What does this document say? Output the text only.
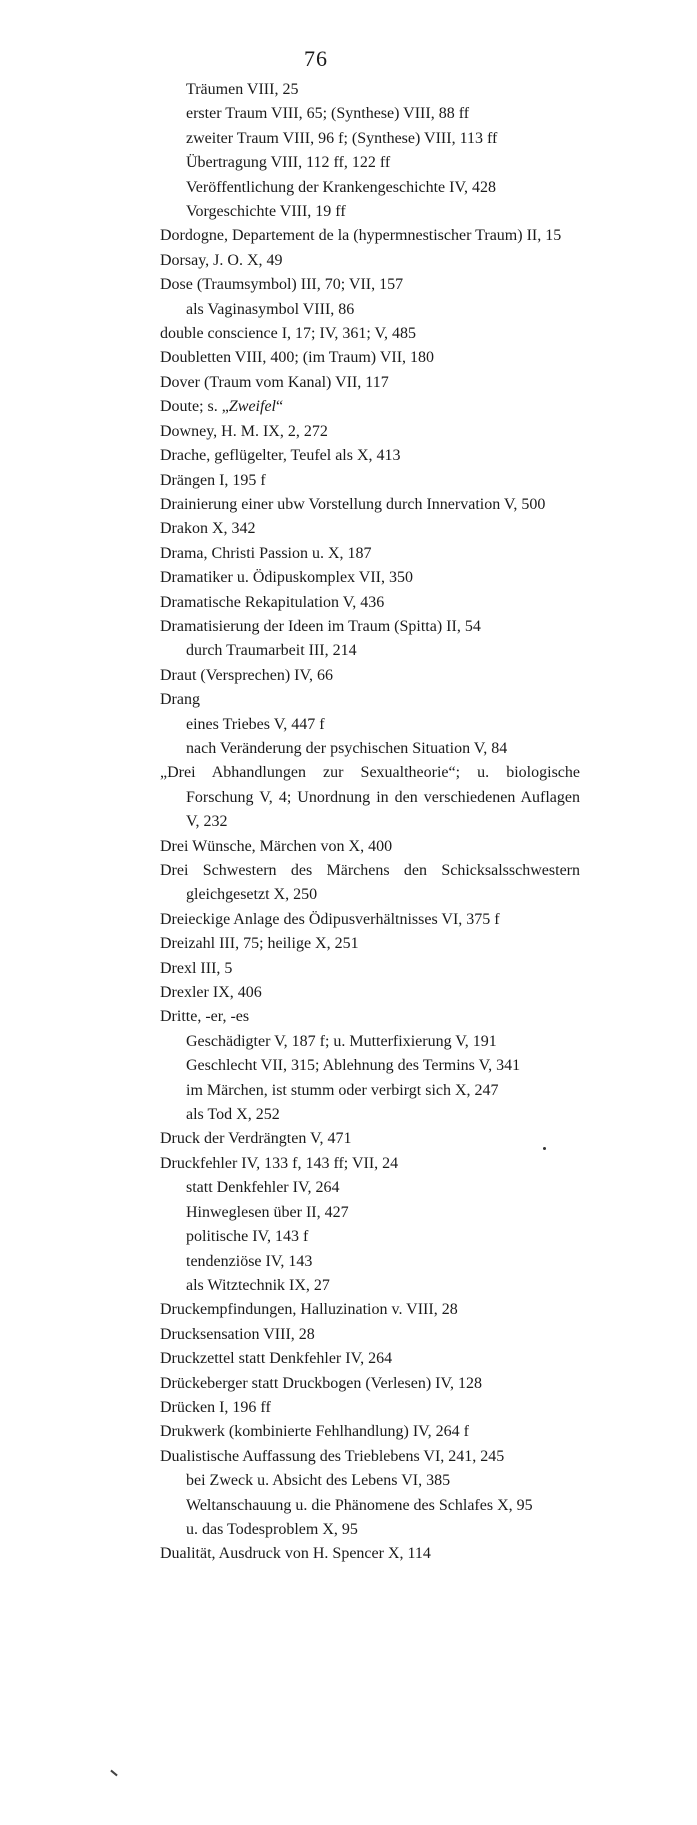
76
Träumen VIII, 25
erster Traum VIII, 65; (Synthese) VIII, 88 ff
zweiter Traum VIII, 96 f; (Synthese) VIII, 113 ff
Übertragung VIII, 112 ff, 122 ff
Veröffentlichung der Krankengeschichte IV, 428
Vorgeschichte VIII, 19 ff
Dordogne, Departement de la (hypermnestischer Traum) II, 15
Dorsay, J. O. X, 49
Dose (Traumsymbol) III, 70; VII, 157
als Vaginasymbol VIII, 86
double conscience I, 17; IV, 361; V, 485
Doubletten VIII, 400; (im Traum) VII, 180
Dover (Traum vom Kanal) VII, 117
Doute; s. „Zweifel“
Downey, H. M. IX, 2, 272
Drache, geflügelter, Teufel als X, 413
Drängen I, 195 f
Drainierung einer ubw Vorstellung durch Innervation V, 500
Drakon X, 342
Drama, Christi Passion u. X, 187
Dramatiker u. Ödipuskomplex VII, 350
Dramatische Rekapitulation V, 436
Dramatisierung der Ideen im Traum (Spitta) II, 54
durch Traumarbeit III, 214
Draut (Versprechen) IV, 66
Drang
eines Triebes V, 447 f
nach Veränderung der psychischen Situation V, 84
„Drei Abhandlungen zur Sexualtheorie“; u. biologische Forschung V, 4; Unordnung in den verschiedenen Auflagen V, 232
Drei Wünsche, Märchen von X, 400
Drei Schwestern des Märchens den Schicksalsschwestern gleichgesetzt X, 250
Dreieckige Anlage des Ödipusverhältnisses VI, 375 f
Dreizahl III, 75; heilige X, 251
Drexl III, 5
Drexler IX, 406
Dritte, -er, -es
Geschädigter V, 187 f; u. Mutterfixierung V, 191
Geschlecht VII, 315; Ablehnung des Termins V, 341
im Märchen, ist stumm oder verbirgt sich X, 247
als Tod X, 252
Druck der Verdrängten V, 471
Druckfehler IV, 133 f, 143 ff; VII, 24
statt Denkfehler IV, 264
Hinweglesen über II, 427
politische IV, 143 f
tendenziöse IV, 143
als Witztechnik IX, 27
Druckempfindungen, Halluzination v. VIII, 28
Drucksensation VIII, 28
Druckzettel statt Denkfehler IV, 264
Drückeberger statt Druckbogen (Verlesen) IV, 128
Drücken I, 196 ff
Drukwerk (kombinierte Fehlhandlung) IV, 264 f
Dualistische Auffassung des Trieblebens VI, 241, 245
bei Zweck u. Absicht des Lebens VI, 385
Weltanschauung u. die Phänomene des Schlafes X, 95
u. das Todesproblem X, 95
Dualität, Ausdruck von H. Spencer X, 114
